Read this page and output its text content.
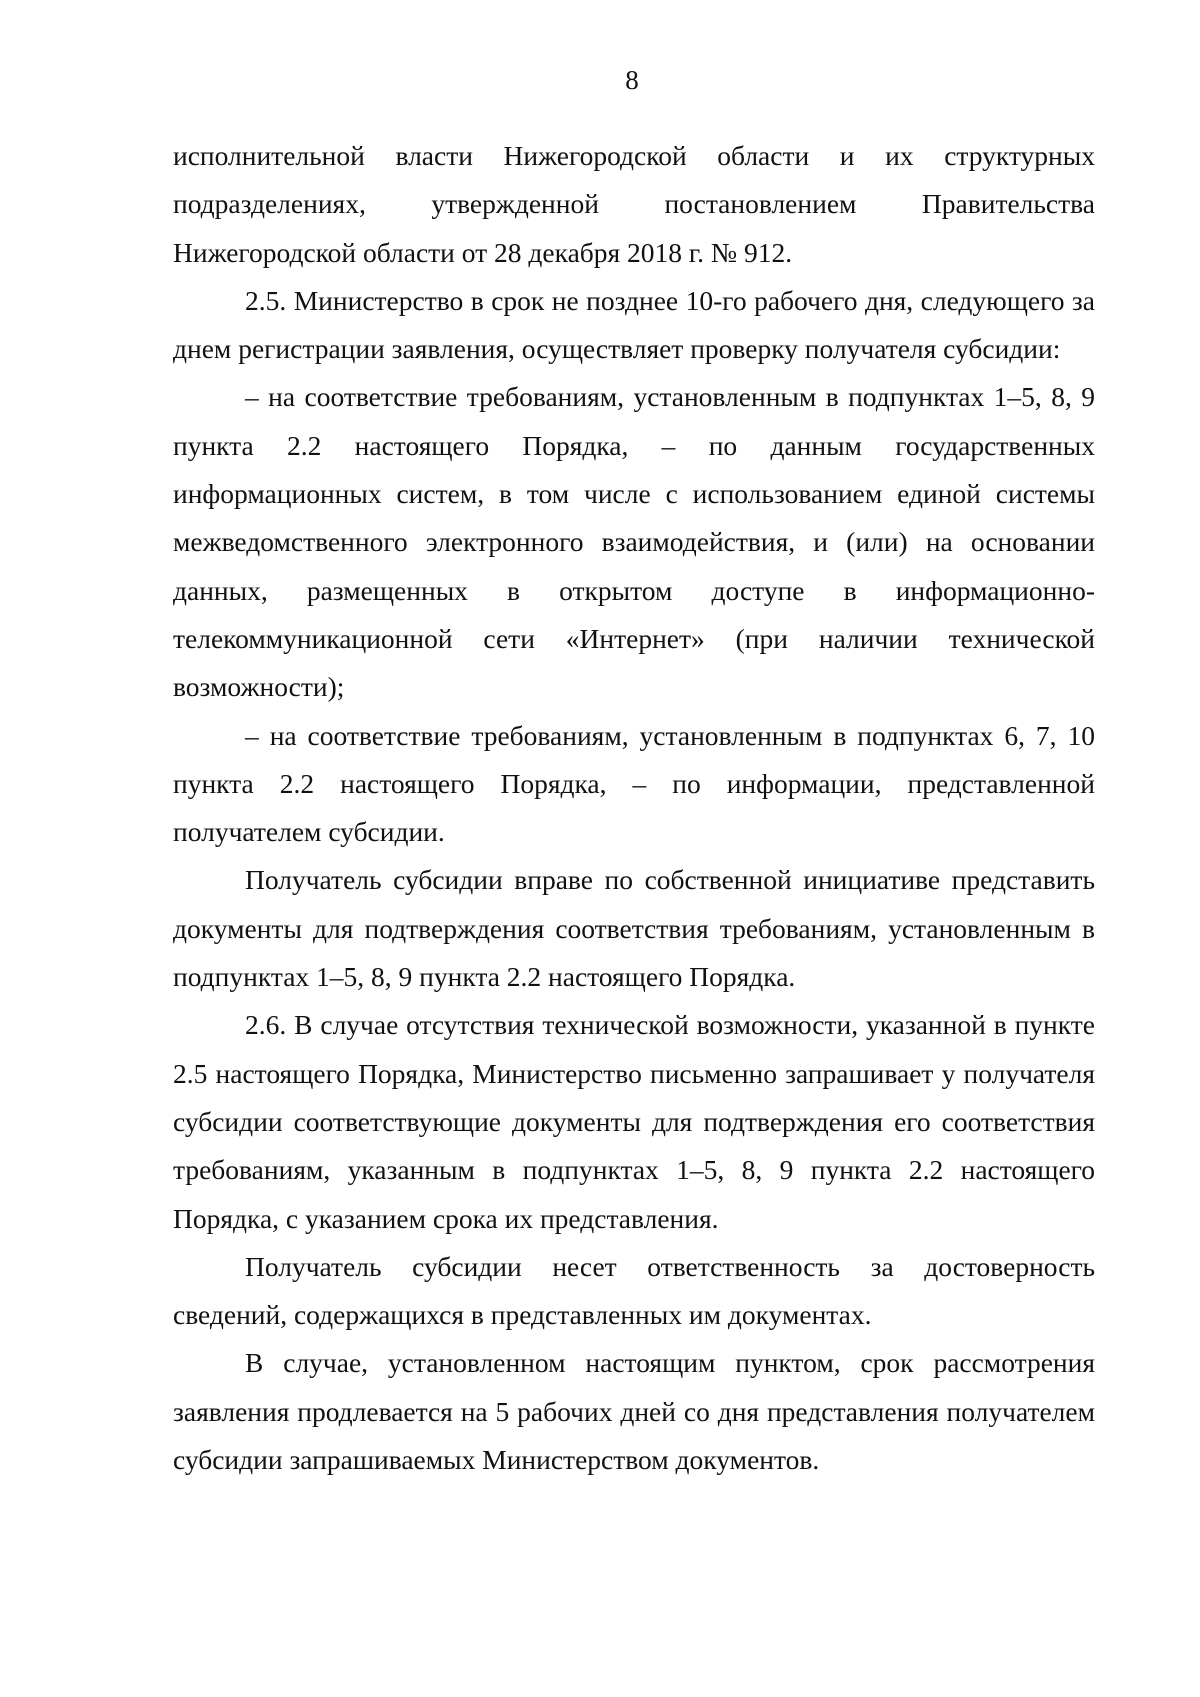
8

исполнительной власти Нижегородской области и их структурных подразделениях, утвержденной постановлением Правительства Нижегородской области от 28 декабря 2018 г. № 912.

2.5. Министерство в срок не позднее 10-го рабочего дня, следующего за днем регистрации заявления, осуществляет проверку получателя субсидии:

– на соответствие требованиям, установленным в подпунктах 1–5, 8, 9 пункта 2.2 настоящего Порядка, – по данным государственных информационных систем, в том числе с использованием единой системы межведомственного электронного взаимодействия, и (или) на основании данных, размещенных в открытом доступе в информационно-телекоммуникационной сети «Интернет» (при наличии технической возможности);

– на соответствие требованиям, установленным в подпунктах 6, 7, 10 пункта 2.2 настоящего Порядка, – по информации, представленной получателем субсидии.

Получатель субсидии вправе по собственной инициативе представить документы для подтверждения соответствия требованиям, установленным в подпунктах 1–5, 8, 9 пункта 2.2 настоящего Порядка.

2.6. В случае отсутствия технической возможности, указанной в пункте 2.5 настоящего Порядка, Министерство письменно запрашивает у получателя субсидии соответствующие документы для подтверждения его соответствия требованиям, указанным в подпунктах 1–5, 8, 9 пункта 2.2 настоящего Порядка, с указанием срока их представления.

Получатель субсидии несет ответственность за достоверность сведений, содержащихся в представленных им документах.

В случае, установленном настоящим пунктом, срок рассмотрения заявления продлевается на 5 рабочих дней со дня представления получателем субсидии запрашиваемых Министерством документов.
